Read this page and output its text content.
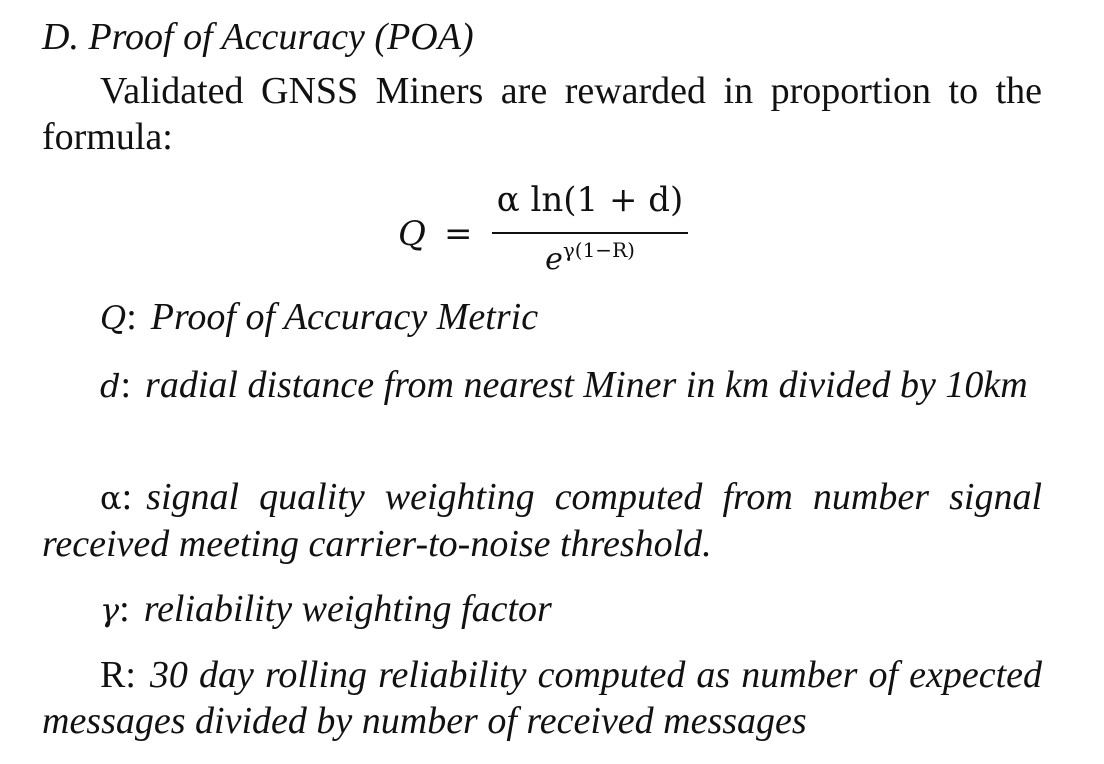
D. Proof of Accuracy (POA)
Validated GNSS Miners are rewarded in proportion to the formula:
Q =
α ln(1 + d)
$e^{\gamma(1-R)}$
Q: Proof of Accuracy Metric
d: radial distance from nearest Miner in km divided by 10km
α: signal quality weighting computed from number signal received meeting carrier-to-noise threshold.
γ: reliability weighting factor
R: 30 day rolling reliability computed as number of expected messages divided by number of received messages
